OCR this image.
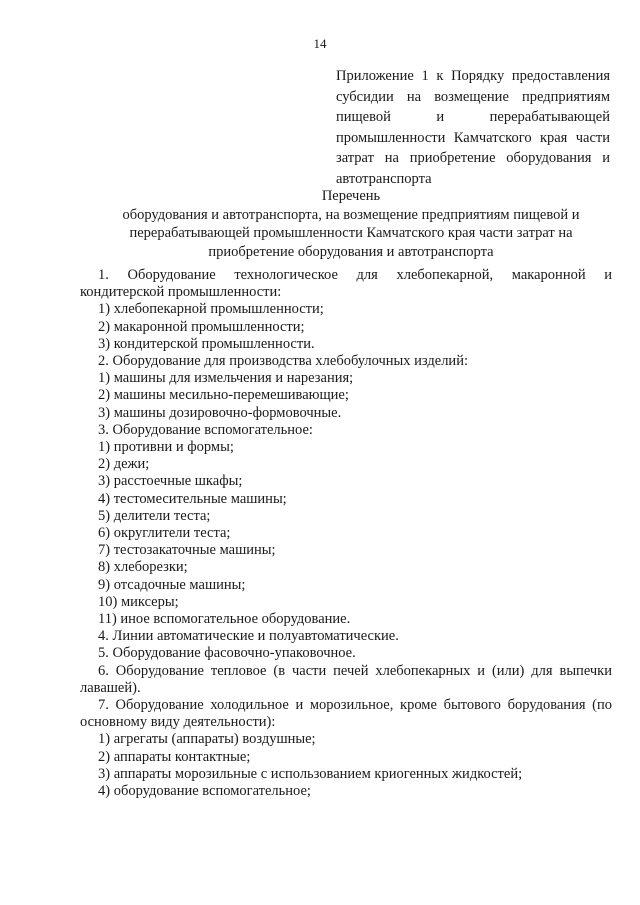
14
Приложение 1 к Порядку предоставления
субсидии на возмещение предприятиям
пищевой и перерабатывающей
промышленности Камчатского края части
затрат на приобретение оборудования и
автотранспорта
Перечень
оборудования и автотранспорта, на возмещение предприятиям пищевой и
перерабатывающей промышленности Камчатского края части затрат на
приобретение оборудования и автотранспорта
1. Оборудование технологическое для хлебопекарной, макаронной и
кондитерской промышленности:
1) хлебопекарной промышленности;
2) макаронной промышленности;
3) кондитерской промышленности.
2. Оборудование для производства хлебобулочных изделий:
1) машины для измельчения и нарезания;
2) машины месильно-перемешивающие;
3) машины дозировочно-формовочные.
3. Оборудование вспомогательное:
1) противни и формы;
2) дежи;
3) расстоечные шкафы;
4) тестомесительные машины;
5) делители теста;
6) округлители теста;
7) тестозакаточные машины;
8) хлеборезки;
9) отсадочные машины;
10) миксеры;
11) иное вспомогательное оборудование.
4. Линии автоматические и полуавтоматические.
5. Оборудование фасовочно-упаковочное.
6. Оборудование тепловое (в части печей хлебопекарных и (или) для выпечки
лавашей).
7. Оборудование холодильное и морозильное, кроме бытового борудования (по
основному виду деятельности):
1) агрегаты (аппараты) воздушные;
2) аппараты контактные;
3) аппараты морозильные с использованием криогенных жидкостей;
4) оборудование вспомогательное;
